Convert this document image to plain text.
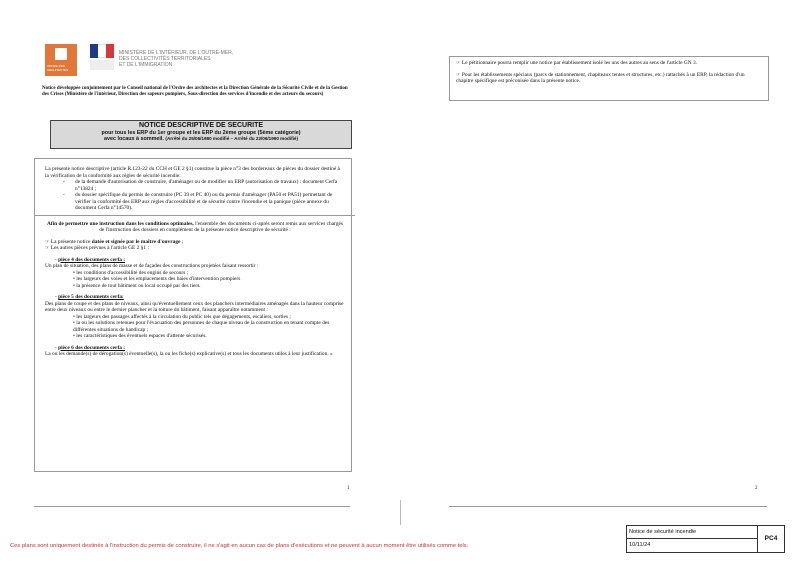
ORDRE DES ARCHITECTES
MINISTÈRE DE L'INTÉRIEUR, DE L'OUTRE-MER,
DES COLLECTIVITÉS TERRITORIALES
ET DE L'IMMIGRATION
Notice développée conjointement par le Conseil national de l'Ordre des architectes et la Direction Générale de la Sécurité Civile et de la Gestion des Crises (Ministère de l'intérieur, Direction des sapeurs pompiers, Sous-direction des services d'incendie et des acteurs du secours)
NOTICE DESCRIPTIVE DE SECURITE
pour tous les ERP du 1er groupe et les ERP du 2ème groupe (5ème catégorie)
avec locaux à sommeil. (Arrêté du 25/06/1980 modifié – Arrêté du 22/06/1990 modifié)

La présente notice descriptive (article R.123-22 du CCH et GE 2 §1) constitue la pièce n°3 des bordereaux de pièces du dossier destiné à la vérification de la conformité aux règles de sécurité incendie:

-	de la demande d'autorisation de construire, d'aménager ou de modifier un ERP (autorisation de travaux) : document Cerfa n°13824 ;
-	du dossier spécifique du permis de construire (PC 39 et PC 40) ou du permis d'aménager (PA50 et PA51) permettant de vérifier la conformité des ERP aux règles d'accessibilité et de sécurité contre l'incendie et la panique (pièce annexe du document Cerfa n°14570).

Afin de permettre une instruction dans les conditions optimales, l'ensemble des documents ci-après seront remis aux services chargés de l'instruction des dossiers en complément de la présente notice descriptive de sécurité :

☞ La présente notice datée et signée par le maître d'ouvrage ;
☞ Les autres pièces prévues à l'article GE 2 §1 :
- pièce 4 des documents cerfa :
Un plan de situation, des plans de masse et de façades des constructions projetées faisant ressortir :
• les conditions d'accessibilité des engins de secours ;
• les largeurs des voies et les emplacements des baies d'intervention pompiers
• la présence de tout bâtiment ou local occupé par des tiers.
- pièce 5 des documents cerfa:
Des plans de coupe et des plans de niveaux, ainsi qu'éventuellement ceux des planchers intermédiaires aménagés dans la hauteur comprise entre deux niveaux ou entre le dernier plancher et la toiture du bâtiment, faisant apparaître notamment :
• les largeurs des passages affectés à la circulation du public tels que dégagements, escaliers, sorties ;
• la ou les solutions retenues pour l'évacuation des personnes de chaque niveau de la construction en tenant compte des différentes situations de handicap ;
• les caractéristiques des éventuels espaces d'attente sécurisés.
- pièce 6 des documents cerfa :
La ou les demande(s) de dérogation(s) éventuelle(s), la ou les fiche(s) explicative(s) et tous les documents utiles à leur justification. »
☞ Le pétitionnaire pourra remplir une notice par établissement isolé les uns des autres au sens de l'article GN 3.
☞ Pour les établissements spéciaux (parcs de stationnement, chapiteaux tentes et structures, etc.) rattachés à un ERP, la rédaction d'un chapitre spécifique est préconisée dans la présente notice.
1	2
Ces plans sont uniquement destinés à l'instruction du permis de construire, il ne s'agit en aucun cas de plans d'exécutions et ne peuvent à aucun moment être utilisés comme tels.
Notice de sécurité incendie
10/11/24
PC4
